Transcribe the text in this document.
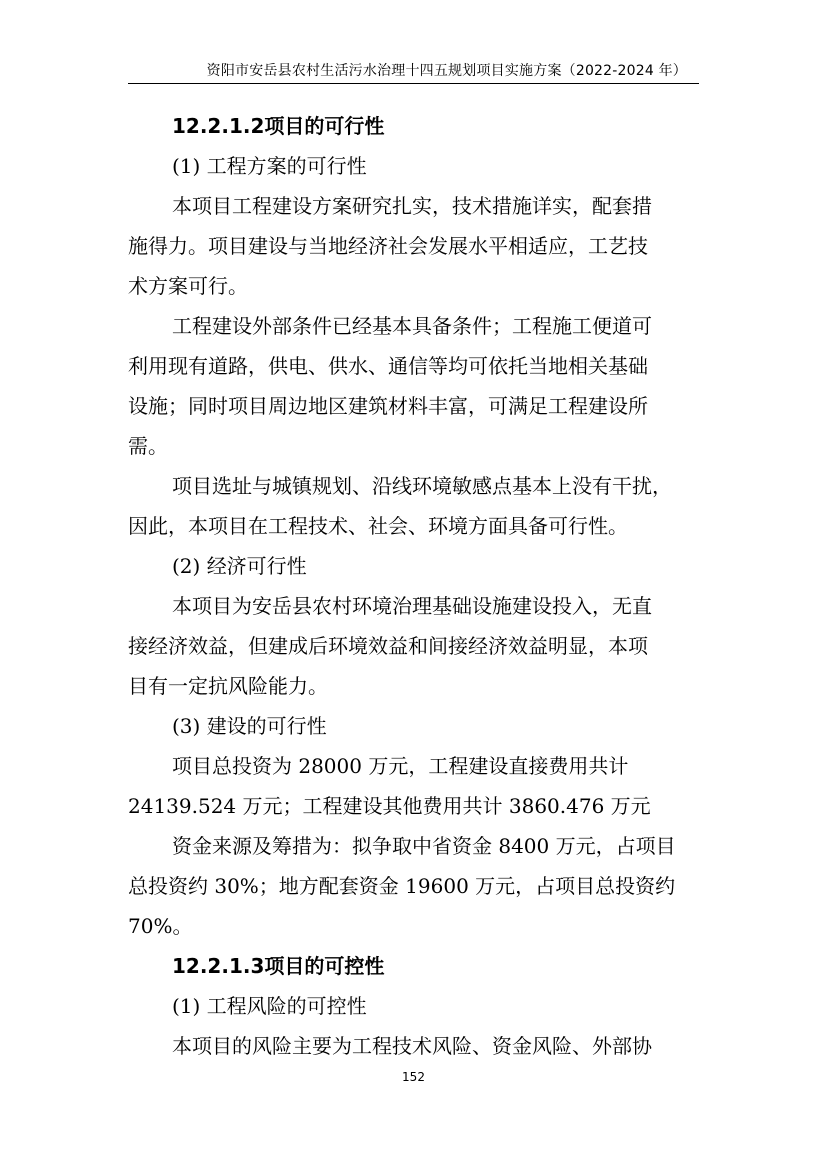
资阳市安岳县农村生活污水治理十四五规划项目实施方案（2022-2024 年）
12.2.1.2项目的可行性
(1) 工程方案的可行性
本项目工程建设方案研究扎实，技术措施详实，配套措
施得力。项目建设与当地经济社会发展水平相适应，工艺技
术方案可行。
工程建设外部条件已经基本具备条件；工程施工便道可
利用现有道路，供电、供水、通信等均可依托当地相关基础
设施；同时项目周边地区建筑材料丰富，可满足工程建设所
需。
项目选址与城镇规划、沿线环境敏感点基本上没有干扰，
因此，本项目在工程技术、社会、环境方面具备可行性。
(2) 经济可行性
本项目为安岳县农村环境治理基础设施建设投入，无直
接经济效益，但建成后环境效益和间接经济效益明显，本项
目有一定抗风险能力。
(3) 建设的可行性
项目总投资为 28000 万元，工程建设直接费用共计
24139.524 万元；工程建设其他费用共计 3860.476 万元
资金来源及筹措为：拟争取中省资金 8400 万元，占项目
总投资约 30%；地方配套资金 19600 万元，占项目总投资约
70%。
12.2.1.3项目的可控性
(1) 工程风险的可控性
本项目的风险主要为工程技术风险、资金风险、外部协
152
